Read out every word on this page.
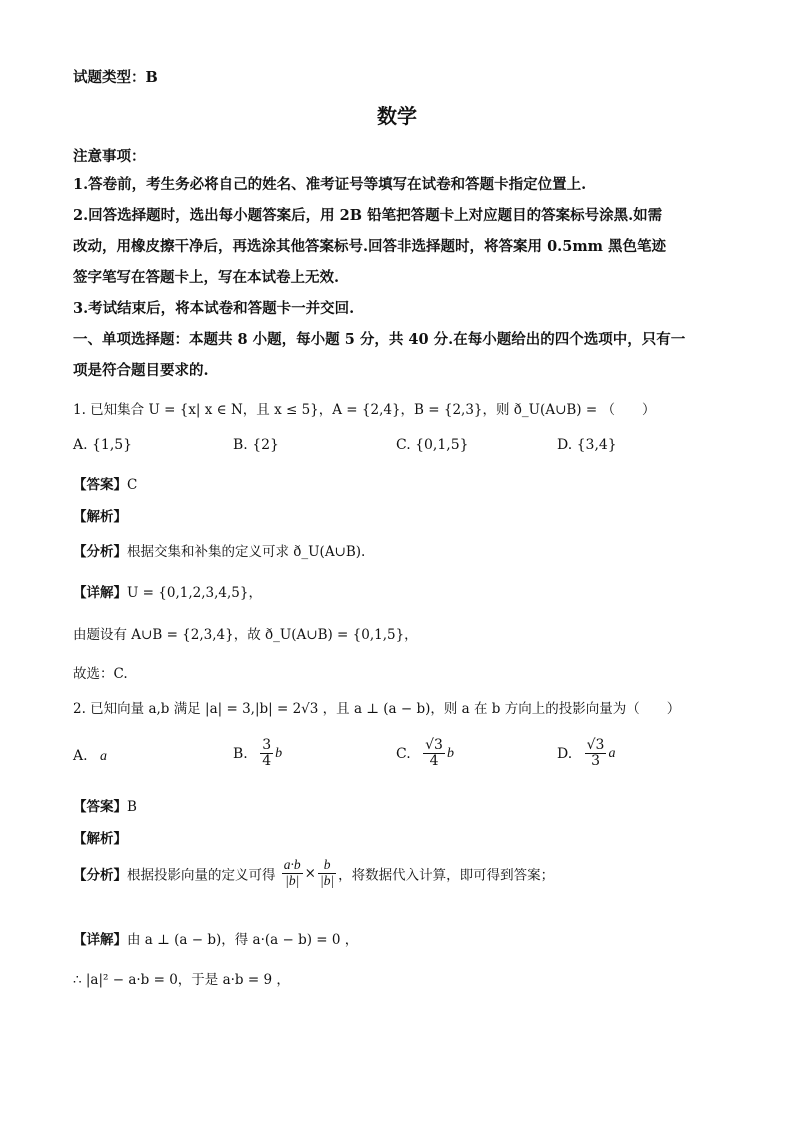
试题类型：B
数学
注意事项：
1.答卷前，考生务必将自己的姓名、准考证号等填写在试卷和答题卡指定位置上.
2.回答选择题时，选出每小题答案后，用 2B 铅笔把答题卡上对应题目的答案标号涂黑.如需
改动，用橡皮擦干净后，再选涂其他答案标号.回答非选择题时，将答案用 0.5mm 黑色笔迹
签字笔写在答题卡上，写在本试卷上无效.
3.考试结束后，将本试卷和答题卡一并交回.
一、单项选择题：本题共 8 小题，每小题 5 分，共 40 分.在每小题给出的四个选项中，只有一
项是符合题目要求的.
1. 已知集合 U = {x| x ∈ N，且 x ≤ 5}，A = {2,4}，B = {2,3}，则 ð_U(A∪B) = （　　）
A. {1,5}	B. {2}	C. {0,1,5}	D. {3,4}
【答案】C
【解析】
【分析】根据交集和补集的定义可求 ð_U(A∪B).
【详解】U = {0,1,2,3,4,5}，
由题设有 A∪B = {2,3,4}，故 ð_U(A∪B) = {0,1,5}，
故选：C.
2. 已知向量 a,b 满足 |a| = 3,|b| = 2√3 ，且 a ⊥ (a − b)，则 a 在 b 方向上的投影向量为（　　）
A. a	B. $\frac{3}{4}$ b	C. $\frac{√3}{4}$ b	D. $\frac{√3}{3}$ a
【答案】B
【解析】
【分析】根据投影向量的定义可得 $\frac{a\cdot b}{|b|} \times \frac{b}{|b|}$ ，将数据代入计算，即可得到答案；
【详解】由 a ⊥ (a − b)，得 a·(a − b) = 0 ，
∴ |a|² − a·b = 0，于是 a·b = 9 ，
